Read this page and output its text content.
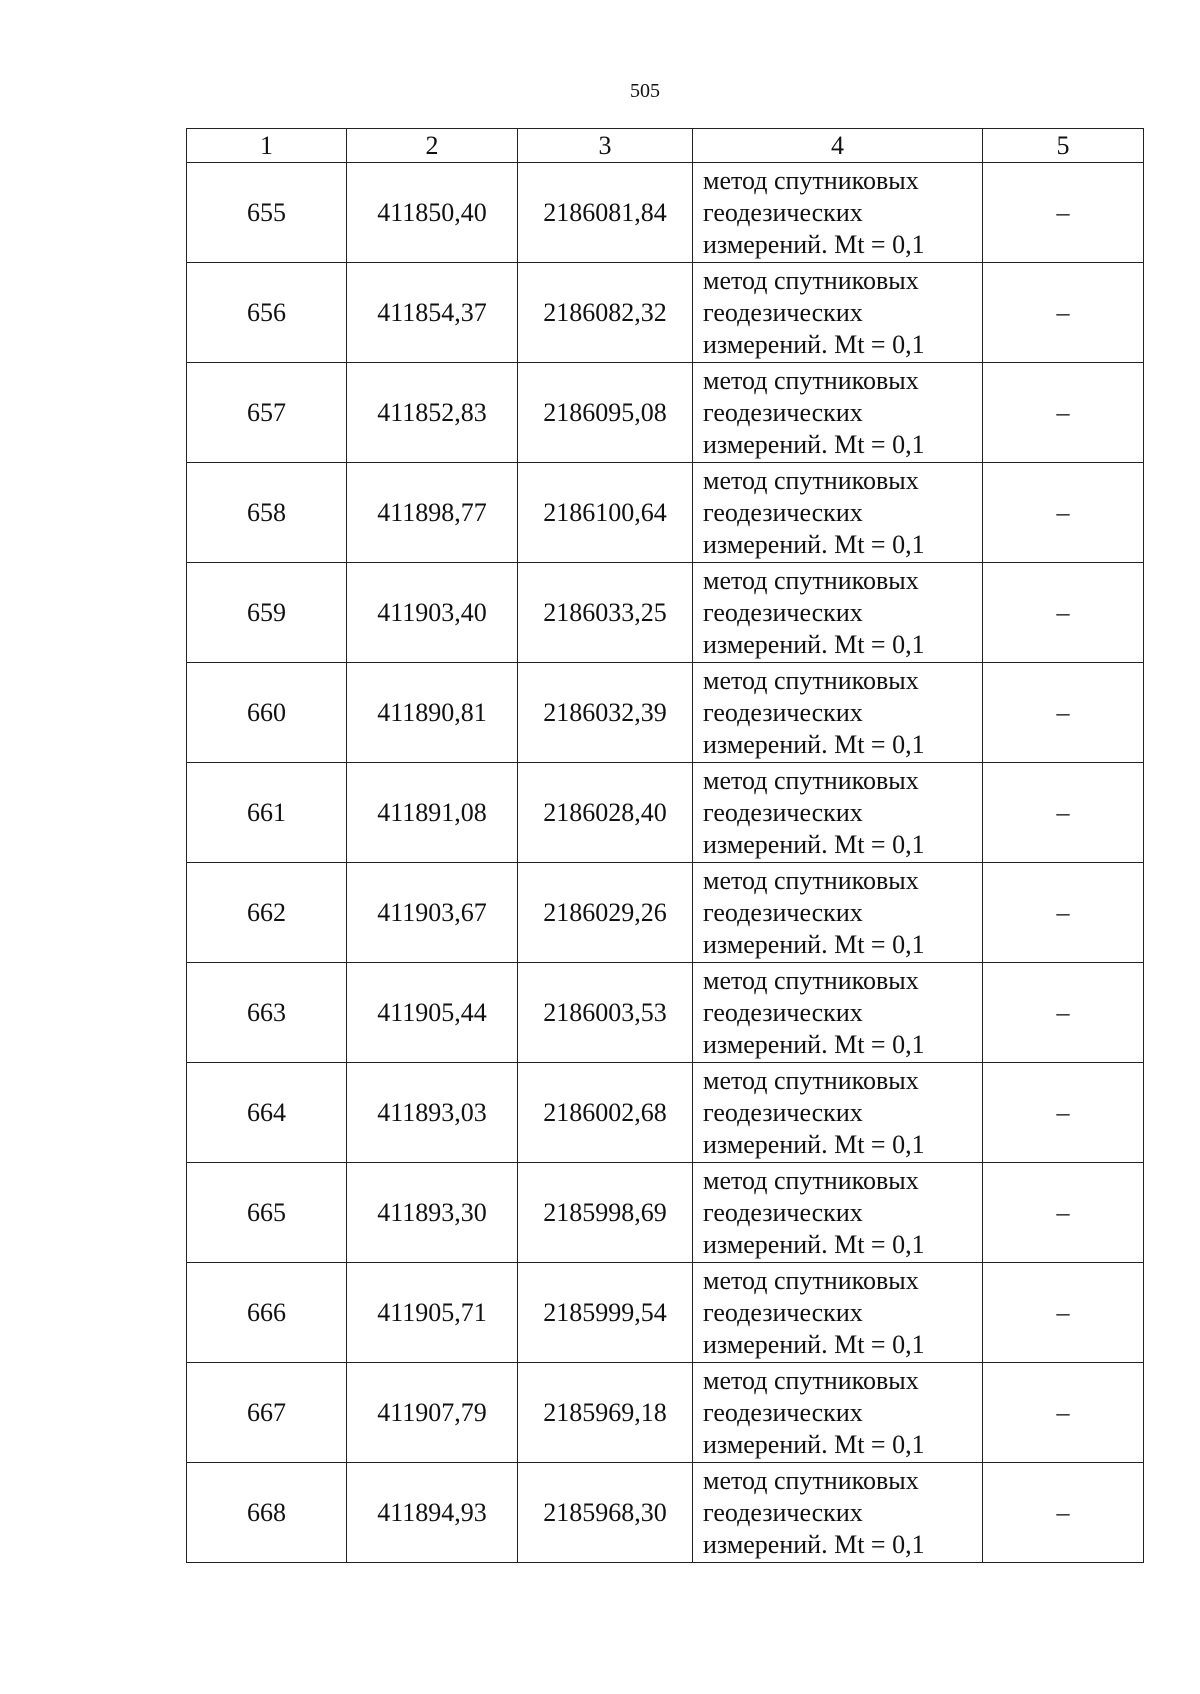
505
1	2	3	4	5
655	411850,40	2186081,84	метод спутниковых
геодезических
измерений. Mt = 0,1	–
656	411854,37	2186082,32	метод спутниковых
геодезических
измерений. Mt = 0,1	–
657	411852,83	2186095,08	метод спутниковых
геодезических
измерений. Mt = 0,1	–
658	411898,77	2186100,64	метод спутниковых
геодезических
измерений. Mt = 0,1	–
659	411903,40	2186033,25	метод спутниковых
геодезических
измерений. Mt = 0,1	–
660	411890,81	2186032,39	метод спутниковых
геодезических
измерений. Mt = 0,1	–
661	411891,08	2186028,40	метод спутниковых
геодезических
измерений. Mt = 0,1	–
662	411903,67	2186029,26	метод спутниковых
геодезических
измерений. Mt = 0,1	–
663	411905,44	2186003,53	метод спутниковых
геодезических
измерений. Mt = 0,1	–
664	411893,03	2186002,68	метод спутниковых
геодезических
измерений. Mt = 0,1	–
665	411893,30	2185998,69	метод спутниковых
геодезических
измерений. Mt = 0,1	–
666	411905,71	2185999,54	метод спутниковых
геодезических
измерений. Mt = 0,1	–
667	411907,79	2185969,18	метод спутниковых
геодезических
измерений. Mt = 0,1	–
668	411894,93	2185968,30	метод спутниковых
геодезических
измерений. Mt = 0,1	–
